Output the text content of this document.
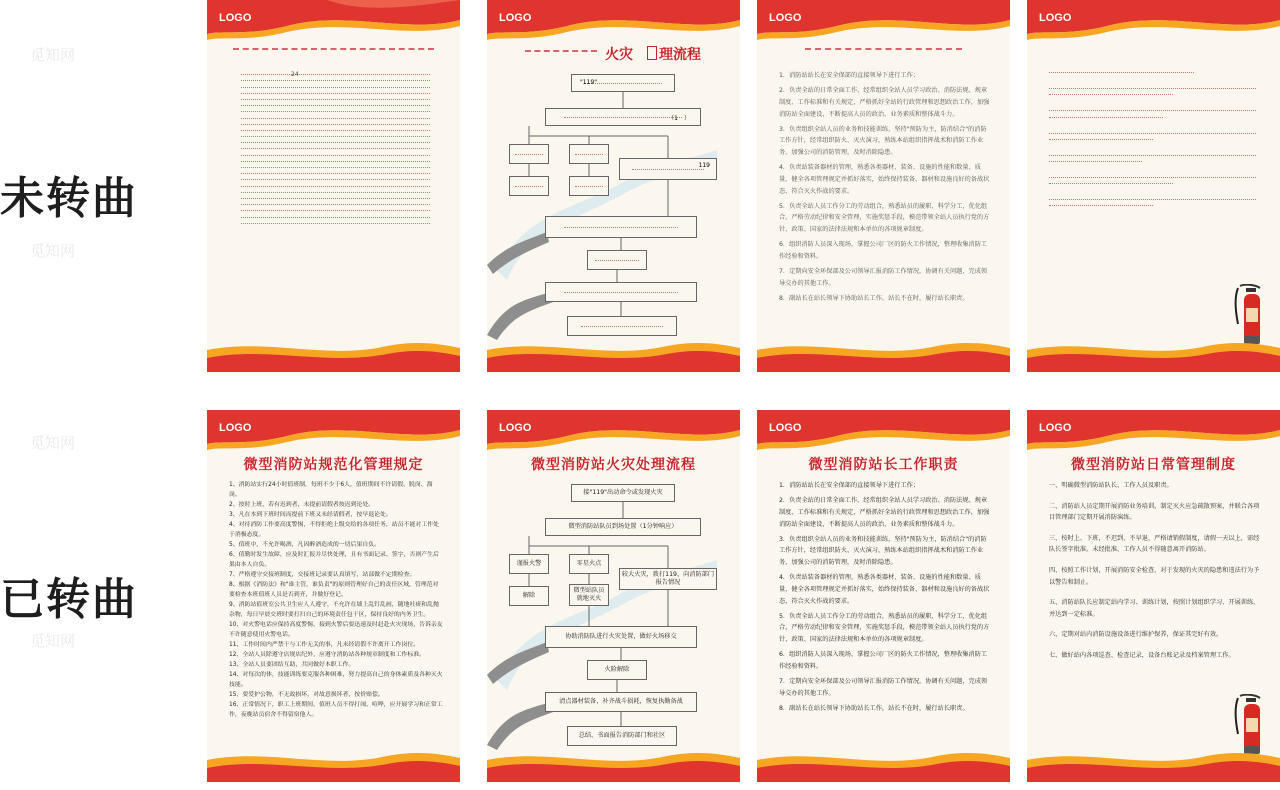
未转曲
已转曲
觅知网
觅知网
觅知网
觅知网
LOGO
24
LOGO
火灾 理流程
"119"
（1 ）
119
LOGO

1．消防站站长在安全保部的直接领导下进行工作；

2．负责全站的日常全面工作，经常组织全站人员学习政治、消防法规、规章制度、工作标准和有关规定，严格抓好全站的行政管理和思想政治工作，加强消防站全面建设，不断提高人员的政治、业务素质和整体战斗力。

3．负责组织全站人员的业务和技能训练，坚持"预防为主，防消结合"的消防工作方针，经常组织防火、灭火演习，熟练本站组织指挥战术和消防工作业务，加强公司的消防管理，及时消除隐患。

4．负责站装备器材的管理，熟悉各类器材、装备、设施的性能和数量、质量，健全各项管理规定并抓好落实，始终保持装备、器材和设施良好的备战状态，符合灭火作战的要求。

5．负责全站人员工作分工的劳动组合，熟悉站员的履职、科学分工，优化组合，严格劳动纪律和安全管理，实施奖惩手段，模范带领全站人员执行党的方针、政策、国家的法律法规和本单位的各项规章制度。

6．组织消防人员深入现场，掌握公司厂区的防火工作情况，整理收集消防工作经验和资料。

7．定期向安全环保部及公司领导汇报消防工作情况，协调有关问题，完成领导交办的其他工作。

8．副站长在站长领导下协助站长工作，站长不在时，履行站长职责。

LOGO
LOGO
微型消防站规范化管理规定

1、消防站实行24小时值班制，每班不少于6人，值班期间不许请假、脱岗、溜岗。

2、按时上班，若有迟到者，未提前请假者按迟到论处。

3、凡在本到下班时间而提前下班又未经请假者，按早退论处。

4、对待消防工作要高度警惕，不得拒绝上级交给的各项任务，站员不能对工作处于消极态度。

5、值班中，不允许喝酒，凡因醉酒造成的一切后果自负。

6、值勤时发生故障，应及时汇报并尽快处理，且有书面记录、签字，否则产生后果由本人自负。

7、严格遵守交接班制度，交接班记录要认真填写，站部做不定期检查。

8、根据《消防法》和"谁主管，谁负责"的原则管理好自己的责任区域，管理范对要检查本班值班人员是否到齐，并做好登记。

9、消防站值班室公共卫生应人人遵守，不允许在墙上乱钉乱画，随地吐痰和乱抛杂物，每日早晨交班时要打扫自己的环境责任包干区，保持良好的内务卫生。

10、对火警电话应保持高度警惕，接到火警后要迅速及时赶赴火灾现场，告诉亲友不许随意使用火警电话。

11、工作时间内严禁干与工作无关的事，凡未经请假不许离开工作岗位。

12、全站人员除遵守店规店纪外，应遵守消防站各种规章制度和工作标准。

13、全站人员要团结互助，共同做好本职工作。

14、对每次的体，技能训练要克服各种困难，努力提高自己的身体素质及各种灭火技能。

15、要爱护公物，不无故损坏，对故意损坏者，按价赔偿。

16、正常情况下，职工上班期间，值班人员不得打闹、喧哗，应开展学习和正常工作，夜晚站员宿舍不得留宿他人。

LOGO
微型消防站火灾处理流程
接"119"出动命令或发现火灾
微型消防站队员到场处置（1分钟响应）
谨报火警	零星火点
较大火灾，拨打119，向消防部门报告情况
解除
微型站队员就地灭火
协助消防队进行火灾处置，做好火场移交
火险解除
清点器材装备，补齐战斗损耗，恢复执勤备战
总结、书面报告消防部门和社区
LOGO
微型消防站长工作职责

1．消防站站长在安全保部的直接领导下进行工作；

2．负责全站的日常全面工作，经常组织全站人员学习政治、消防法规、规章制度、工作标准和有关规定，严格抓好全站的行政管理和思想政治工作，加强消防站全面建设，不断提高人员的政治、业务素质和整体战斗力。

3．负责组织全站人员的业务和技能训练，坚持"预防为主，防消结合"的消防工作方针，经常组织防火、灭火演习，熟练本站组织指挥战术和消防工作业务，加强公司的消防管理，及时消除隐患。

4．负责站装备器材的管理，熟悉各类器材、装备、设施的性能和数量、质量，健全各项管理规定并抓好落实，始终保持装备、器材和设施良好的备战状态，符合灭火作战的要求。

5．负责全站人员工作分工的劳动组合，熟悉站员的履职、科学分工，优化组合，严格劳动纪律和安全管理，实施奖惩手段，模范带领全站人员执行党的方针、政策、国家的法律法规和本单位的各项规章制度。

6．组织消防人员深入现场，掌握公司厂区的防火工作情况，整理收集消防工作经验和资料。

7．定期向安全环保部及公司领导汇报消防工作情况，协调有关问题，完成领导交办的其他工作。

8．副站长在站长领导下协助站长工作，站长不在时，履行站长职责。

LOGO
微型消防站日常管理制度

一、明确微型消防站队长、工作人员及职责。

二、消防站人员定期开展消防业务培训，制定灭火应急疏散预案，并联合各项目管理部门定期开展消防演练。

三、按时上、下班，不迟到、不早退，严格请销假制度，请假一天以上，需经队长签字批准。未经批准，工作人员不得随意离开消防站。

四、按照工作计划，开展消防安全检查，对于发现的火灾的隐患和违法行为予以警告和制止。

五、消防站队长应制定站内学习、训练计划，按照计划组织学习、开展训练，并达到一定标准。

六、定期对站内消防设施设备进行维护保养，保证其完好有效。

七、做好站内各项巡查、检查记录，设备台账记录及档案管理工作。
